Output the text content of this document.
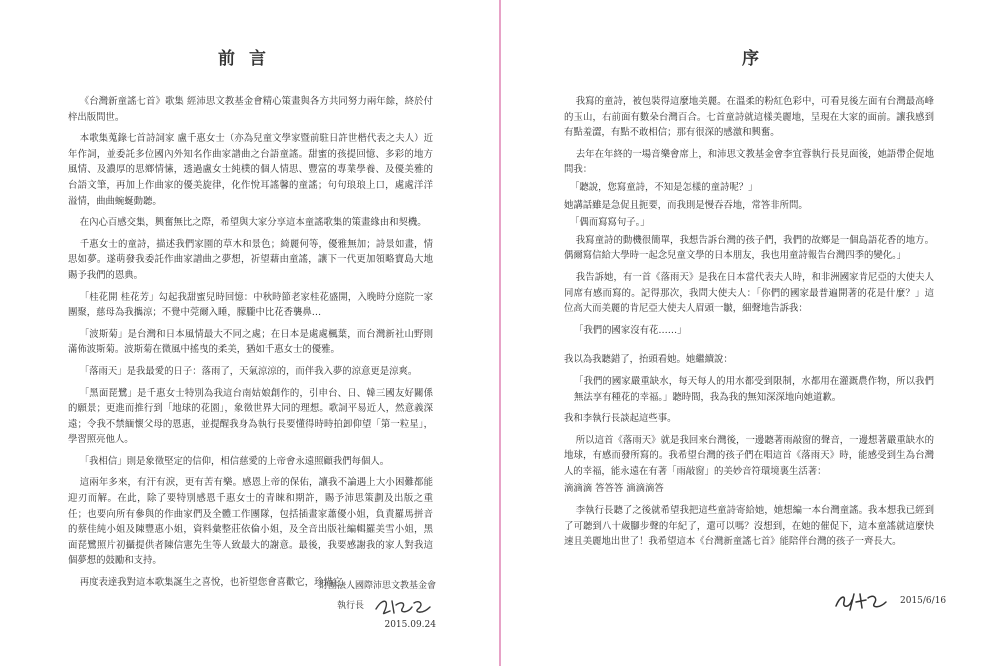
前言

《台灣新童謠七首》歌集 經沛思文教基金會精心策畫與各方共同努力兩年餘，終於付梓出版問世。

本歌集蒐錄七首詩詞家 盧千惠女士（亦為兒童文學家暨前駐日許世楷代表之夫人）近年作詞，並委託多位國內外知名作曲家譜曲之台語童謠。甜蜜的孩提回憶、多彩的地方風情、及濃厚的思鄉情愫，透過盧女士純樸的個人情思、豐富的專業學養、及優美雅的台語文筆，再加上作曲家的優美旋律，化作悅耳謠馨的童謠；句句琅琅上口，處處洋洋溢情，曲曲蜿蜒動聽。

在內心百感交集，興奮無比之際，希望與大家分享這本童謠歌集的策畫緣由和契機。

千惠女士的童詩，描述我們家園的草木和景色；綺麗何等，優雅無加；詩景如畫，情思如夢。遂萌發我委託作曲家譜曲之夢想，祈望藉由童謠，讓下一代更加領略寶島大地賜予我們的恩典。

「桂花開 桂花芳」勾起我甜蜜兒時回憶：中秋時節老家桂花盛開，入晚時分庭院一家團聚，慈母為我攜涼；不覺中莞爾入睡，朦朧中比花香襲鼻…

「波斯菊」是台灣和日本風情最大不同之處；在日本是處處楓葉，而台灣新社山野則滿佈波斯菊。波斯菊在微風中搖曳的柔美，猶如千惠女士的優雅。

「落雨天」是我最愛的日子：落雨了，天氣涼涼的，而伴我入夢的涼意更是涼爽。

「黑面琵鷺」是千惠女士特別為我這台南姑娘創作的，引申台、日、韓三國友好關係的願景；更進而推行到「地球的花園」，象徵世界大同的理想。歌詞平易近人，然意義深遠；令我不禁緬懷父母的恩惠，並提醒我身為執行長要懂得時時拍卸仰望「第一粒星」，學習照亮他人。

「我相信」則是象徵堅定的信仰，相信慈愛的上帝會永遠照顧我們每個人。

這兩年多來，有汗有淚，更有苦有樂。感恩上帝的保佑，讓我不論遇上大小困難都能迎刃而解。在此，除了要特別感恩千惠女士的青睞和期許，賜予沛思策劃及出版之重任；也要向所有參與的作曲家們及全體工作團隊，包括插畫家蕭優小姐，負責羅馬拼音的蔡佳純小姐及陳豐惠小姐，資料彙整莊依倫小姐，及全音出版社編輯羅美雪小姐，黑面琵鷺照片初攝提供者陳信憲先生等人致最大的謝意。最後，我要感謝我的家人對我這個夢想的鼓勵和支持。

再度表達我對這本歌集誕生之喜悅，也祈望您會喜歡它，珍惜它。

財團法人國際沛思文教基金會
執行長
2015.09.24
序

我寫的童詩，被包裝得這麼地美麗。在溫柔的粉紅色彩中，可看見後左面有台灣最高峰的玉山，右前面有數朵台灣百合。七首童詩就這樣美麗地，呈現在大家的面前。讓我感到有點羞澀，有點不敢相信；那有很深的感激和興奮。

去年在年終的一場音樂會席上，和沛思文教基金會李宜蓉執行長見面後，她語帶企促地問我：

「聽說，您寫童詩，不知是怎樣的童詩呢？」

她講話雖是急促且扼要，而我則是慢吞吞地，常答非所問。

「偶而寫寫句子。」

我寫童詩的動機很簡單，我想告訴台灣的孩子們，我們的故鄉是一個島語花香的地方。偶爾寫信給大學時一起念兒童文學的日本朋友，我也用童詩報告台灣四季的變化。」

我告訴她，有一首《落雨天》是我在日本當代表夫人時，和非洲國家肯尼亞的大使夫人同席有感而寫的。記得那次，我問大使夫人：「你們的國家最普遍開著的花是什麼？」這位高大而美麗的肯尼亞大使夫人眉頭一皺，細聲地告訴我：

「我們的國家沒有花……」

我以為我聽錯了，抬頭看她。她繼續說：

「我們的國家嚴重缺水，每天每人的用水都受到限制，水都用在灌溉農作物，所以我們無法享有種花的幸福。」聽時間，我為我的無知深深地向她道歉。

我和李執行長談起這些事。

所以這首《落雨天》就是我回來台灣後，一邊聽著雨敲窗的聲音，一邊想著嚴重缺水的地球，有感而發所寫的。我希望台灣的孩子們在唱這首《落雨天》時，能感受到生為台灣人的幸福，能永遠在有著「雨敲窗」的美妙音符環境裏生活著：

滴滴滴 答答答 滴滴滴答

李執行長聽了之後就希望我把這些童詩寄給她，她想編一本台灣童謠。我本想我已經到了可聽到八十歲腳步聲的年紀了，還可以嗎？沒想到，在她的催促下，這本童謠就這麼快速且美麗地出世了！我希望這本《台灣新童謠七首》能陪伴台灣的孩子一齊長大。

2015/6/16
